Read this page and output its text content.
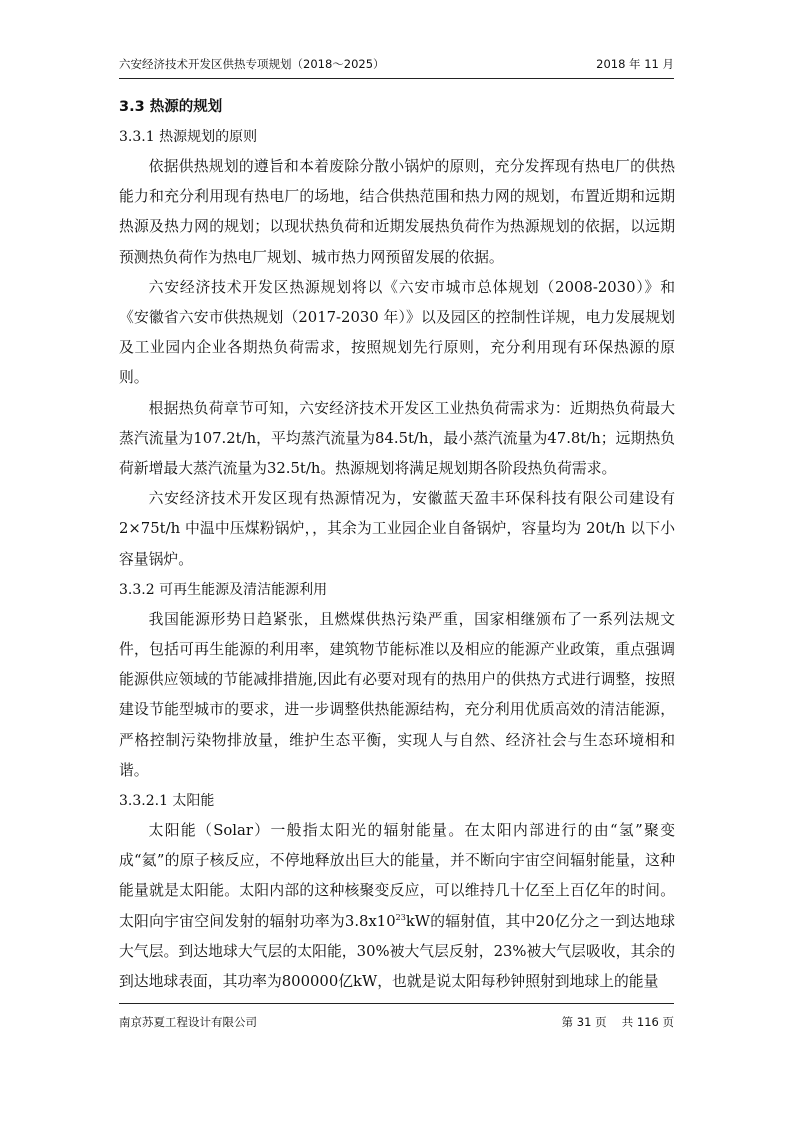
六安经济技术开发区供热专项规划（2018～2025）	2018 年 11 月
3.3 热源的规划
3.3.1 热源规划的原则

依据供热规划的遵旨和本着废除分散小锅炉的原则，充分发挥现有热电厂的供热能力和充分利用现有热电厂的场地，结合供热范围和热力网的规划，布置近期和远期热源及热力网的规划；以现状热负荷和近期发展热负荷作为热源规划的依据，以远期预测热负荷作为热电厂规划、城市热力网预留发展的依据。

六安经济技术开发区热源规划将以《六安市城市总体规划（2008-2030）》和《安徽省六安市供热规划（2017-2030 年）》以及园区的控制性详规，电力发展规划及工业园内企业各期热负荷需求，按照规划先行原则，充分利用现有环保热源的原则。

根据热负荷章节可知，六安经济技术开发区工业热负荷需求为：近期热负荷最大蒸汽流量为107.2t/h，平均蒸汽流量为84.5t/h，最小蒸汽流量为47.8t/h；远期热负荷新增最大蒸汽流量为32.5t/h。热源规划将满足规划期各阶段热负荷需求。

六安经济技术开发区现有热源情况为，安徽蓝天盈丰环保科技有限公司建设有2×75t/h 中温中压煤粉锅炉，，其余为工业园企业自备锅炉，容量均为 20t/h 以下小容量锅炉。

3.3.2 可再生能源及清洁能源利用

我国能源形势日趋紧张，且燃煤供热污染严重，国家相继颁布了一系列法规文件，包括可再生能源的利用率，建筑物节能标准以及相应的能源产业政策，重点强调能源供应领域的节能减排措施,因此有必要对现有的热用户的供热方式进行调整，按照建设节能型城市的要求，进一步调整供热能源结构，充分利用优质高效的清洁能源，严格控制污染物排放量，维护生态平衡，实现人与自然、经济社会与生态环境相和谐。

3.3.2.1 太阳能

太阳能（Solar）一般指太阳光的辐射能量。在太阳内部进行的由“氢”聚变成“氦”的原子核反应，不停地释放出巨大的能量，并不断向宇宙空间辐射能量，这种能量就是太阳能。太阳内部的这种核聚变反应，可以维持几十亿至上百亿年的时间。太阳向宇宙空间发射的辐射功率为$3.8x10^{23}kW$的辐射值，其中20亿分之一到达地球大气层。到达地球大气层的太阳能，30%被大气层反射，23%被大气层吸收，其余的到达地球表面，其功率为800000亿kW，也就是说太阳每秒钟照射到地球上的能量

南京苏夏工程设计有限公司	第 31 页　 共 116 页
